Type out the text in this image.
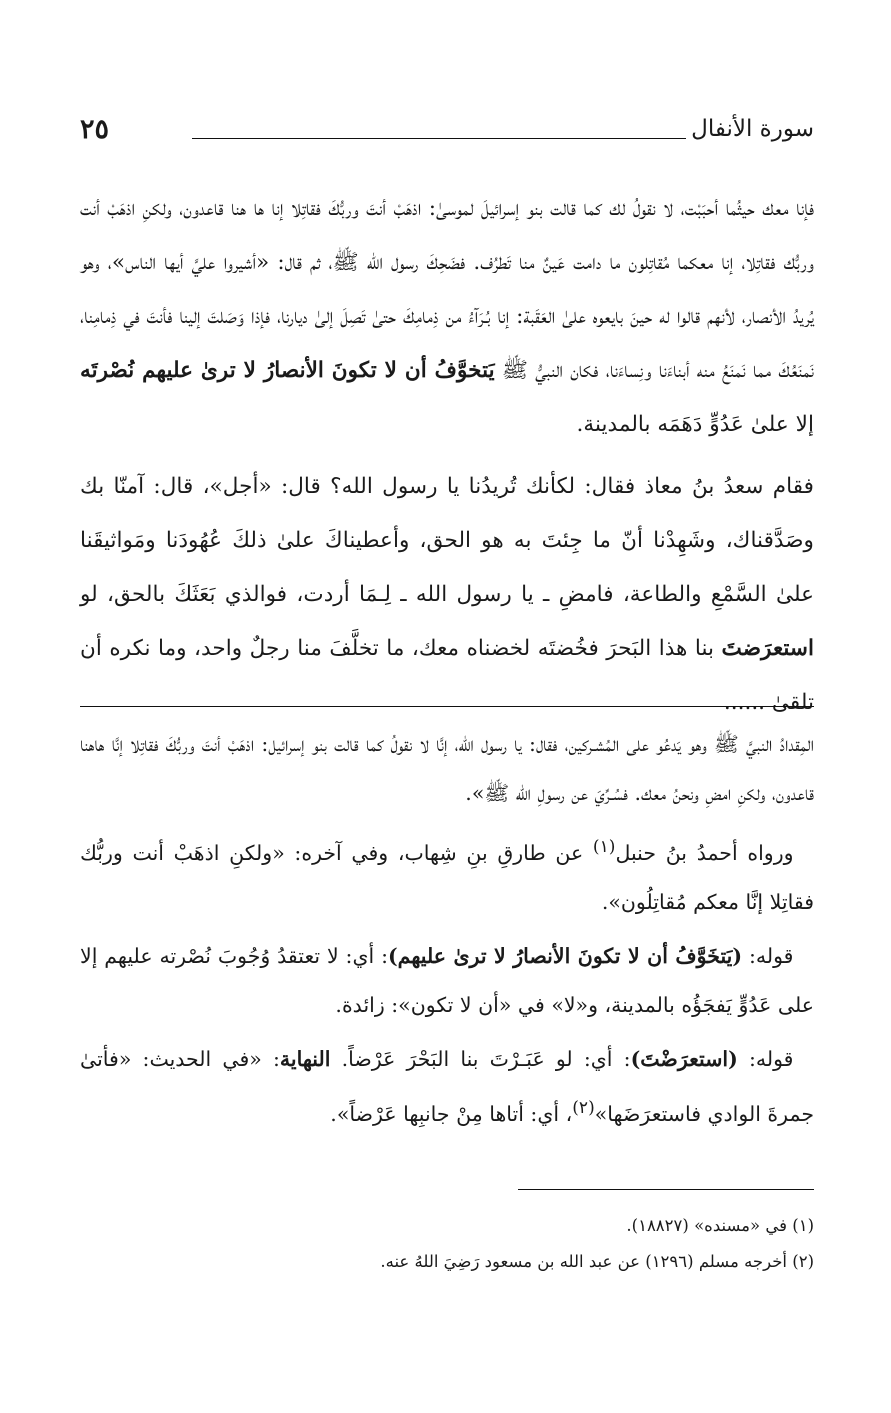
٢٥	سورة الأنفال

فإنا معك حيثُما أحبَبْت، لا نقولُ لك كما قالت بنو إسرائيلَ لموسىٰ: اذهَبْ أنتَ وربُّكَ فقاتِلا إنا ها هنا قاعدون، ولكنِ اذهَبْ أنت وربُّك فقاتِلا، إنا معكما مُقاتِلون ما دامت عَينٌ منا تَطرُف. فضَحِكَ رسول الله ﷺ، ثم قال: «أشيروا عليَّ أيها الناس»، وهو يُريدُ الأنصار، لأنهم قالوا له حينَ بايعوه علىٰ العَقَبة: إنا بُـرَآءُ من ذِمامِكَ حتىٰ تَصِلَ إلىٰ ديارنا، فإذا وَصَلتَ إلينا فأنتَ في ذِمامِنا، نَمنَعُكَ مما نَمنَعُ منه أبناءَنا ونِساءَنا، فكان النبيُّ ﷺ يَتخوَّفُ أن لا تكونَ الأنصارُ لا ترىٰ عليهم نُصْرتَه إلا علىٰ عَدُوٍّ دَهَمَه بالمدينة.

فقام سعدُ بنُ معاذ فقال: لكأنك تُريدُنا يا رسول الله؟ قال: «أجل»، قال: آمنّا بك وصَدَّقناك، وشَهِدْنا أنّ ما جِئتَ به هو الحق، وأعطيناكَ علىٰ ذلكَ عُهُودَنا ومَواثيقَنا علىٰ السَّمْعِ والطاعة، فامضِ ـ يا رسول الله ـ لِـمَا أردت، فوالذي بَعَثَكَ بالحق، لو استعرَضتَ بنا هذا البَحرَ فخُضتَه لخضناه معك، ما تخلَّفَ منا رجلٌ واحد، وما نكره أن تلقىٰ ......

المِقدادُ النبيَّ ﷺ وهو يَدعُو على المُشـركين، فقال: يا رسول الله، إنَّا لا نقولُ كما قالت بنو إسرائيل: اذهَبْ أنتَ وربُّكَ فقاتِلا إنَّا هاهنا قاعدون، ولكنِ امضِ ونحنُ معك. فسُـرِّيَ عن رسولِ الله ﷺ».

 ورواه أحمدُ بنُ حنبل$^{(١)}$ عن طارقِ بنِ شِهاب، وفي آخره: «ولكنِ اذهَبْ أنت وربُّك فقاتِلا إنَّا معكم مُقاتِلُون».

 قوله: (يَتخَوَّفُ أن لا تكونَ الأنصارُ لا ترىٰ عليهم): أي: لا تعتقدُ وُجُوبَ نُصْرته عليهم إلا على عَدُوٍّ يَفجَؤُه بالمدينة، و«لا» في «أن لا تكون»: زائدة.

 قوله: (استعرَضْتَ): أي: لو عَبَـرْتَ بنا البَحْرَ عَرْضاً. النهاية: «في الحديث: «فأتىٰ جمرةَ الوادي فاستعرَضَها»$^{(٢)}$، أي: أتاها مِنْ جانبِها عَرْضاً».

(١) في «مسنده» (١٨٨٢٧).

(٢) أخرجه مسلم (١٢٩٦) عن عبد الله بن مسعود رَضِيَ اللهُ عنه.
